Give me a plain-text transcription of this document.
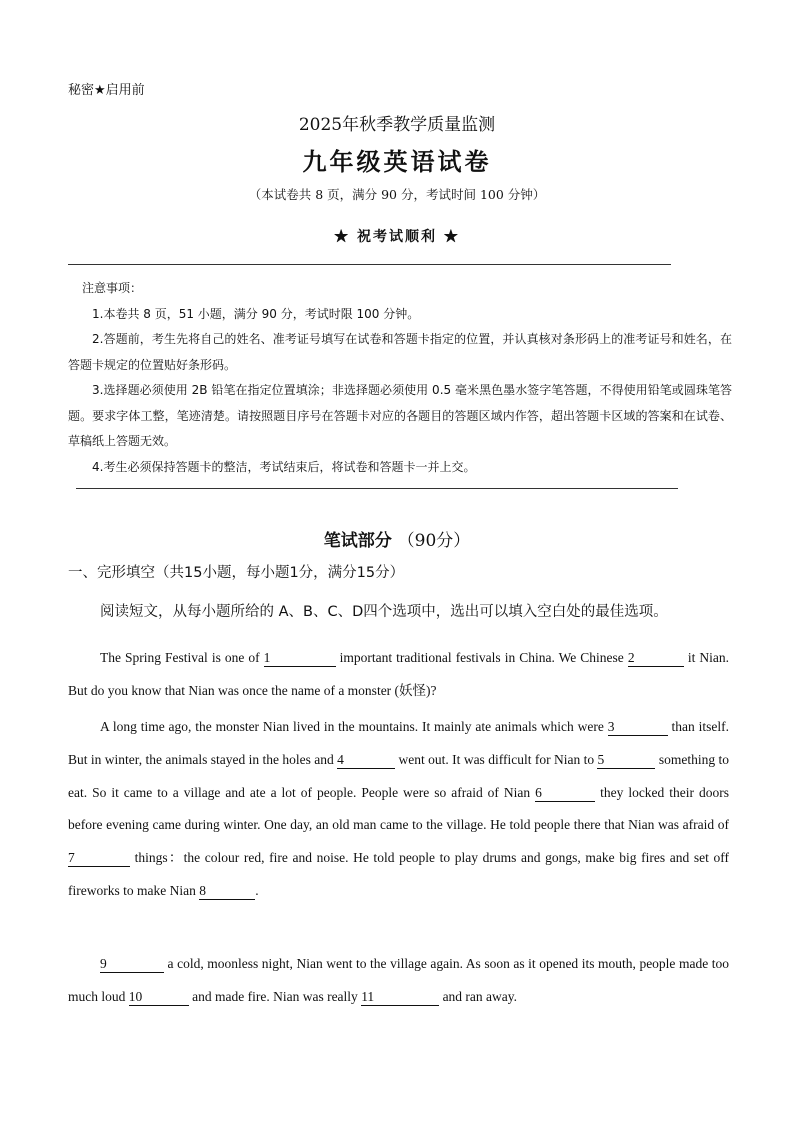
秘密★启用前
2025年秋季教学质量监测
九年级英语试卷
（本试卷共 8 页，满分 90 分，考试时间 100 分钟）
★ 祝考试顺利 ★

注意事项：

1.本卷共 8 页，51 小题，满分 90 分，考试时限 100 分钟。

2.答题前，考生先将自己的姓名、准考证号填写在试卷和答题卡指定的位置，并认真核对条形码上的准考证号和姓名，在答题卡规定的位置贴好条形码。

3.选择题必须使用 2B 铅笔在指定位置填涂；非选择题必须使用 0.5 毫米黑色墨水签字笔答题，不得使用铅笔或圆珠笔答题。要求字体工整，笔迹清楚。请按照题目序号在答题卡对应的各题目的答题区域内作答，超出答题卡区域的答案和在试卷、草稿纸上答题无效。

4.考生必须保持答题卡的整洁，考试结束后，将试卷和答题卡一并上交。

笔试部分 （90分）
一、完形填空（共15小题，每小题1分，满分15分）
阅读短文，从每小题所给的 A、B、C、D四个选项中，选出可以填入空白处的最佳选项。

The Spring Festival is one of 1	important traditional festivals in China. We Chinese 2	it Nian. But do you know that Nian was once the name of a monster (妖怪)?

A long time ago, the monster Nian lived in the mountains. It mainly ate animals which were 3	than itself. But in winter, the animals stayed in the holes and 4	went out. It was difficult for Nian to 5	something to eat. So it came to a village and ate a lot of people. People were so afraid of Nian 6	they locked their doors before evening came during winter. One day, an old man came to the village. He told people there that Nian was afraid of 7	things：the colour red, fire and noise. He told people to play drums and gongs, make big fires and set off fireworks to make Nian 8	.

9	a cold, moonless night, Nian went to the village again. As soon as it opened its mouth, people made too much loud 10	and made fire. Nian was really 11	and ran away.
